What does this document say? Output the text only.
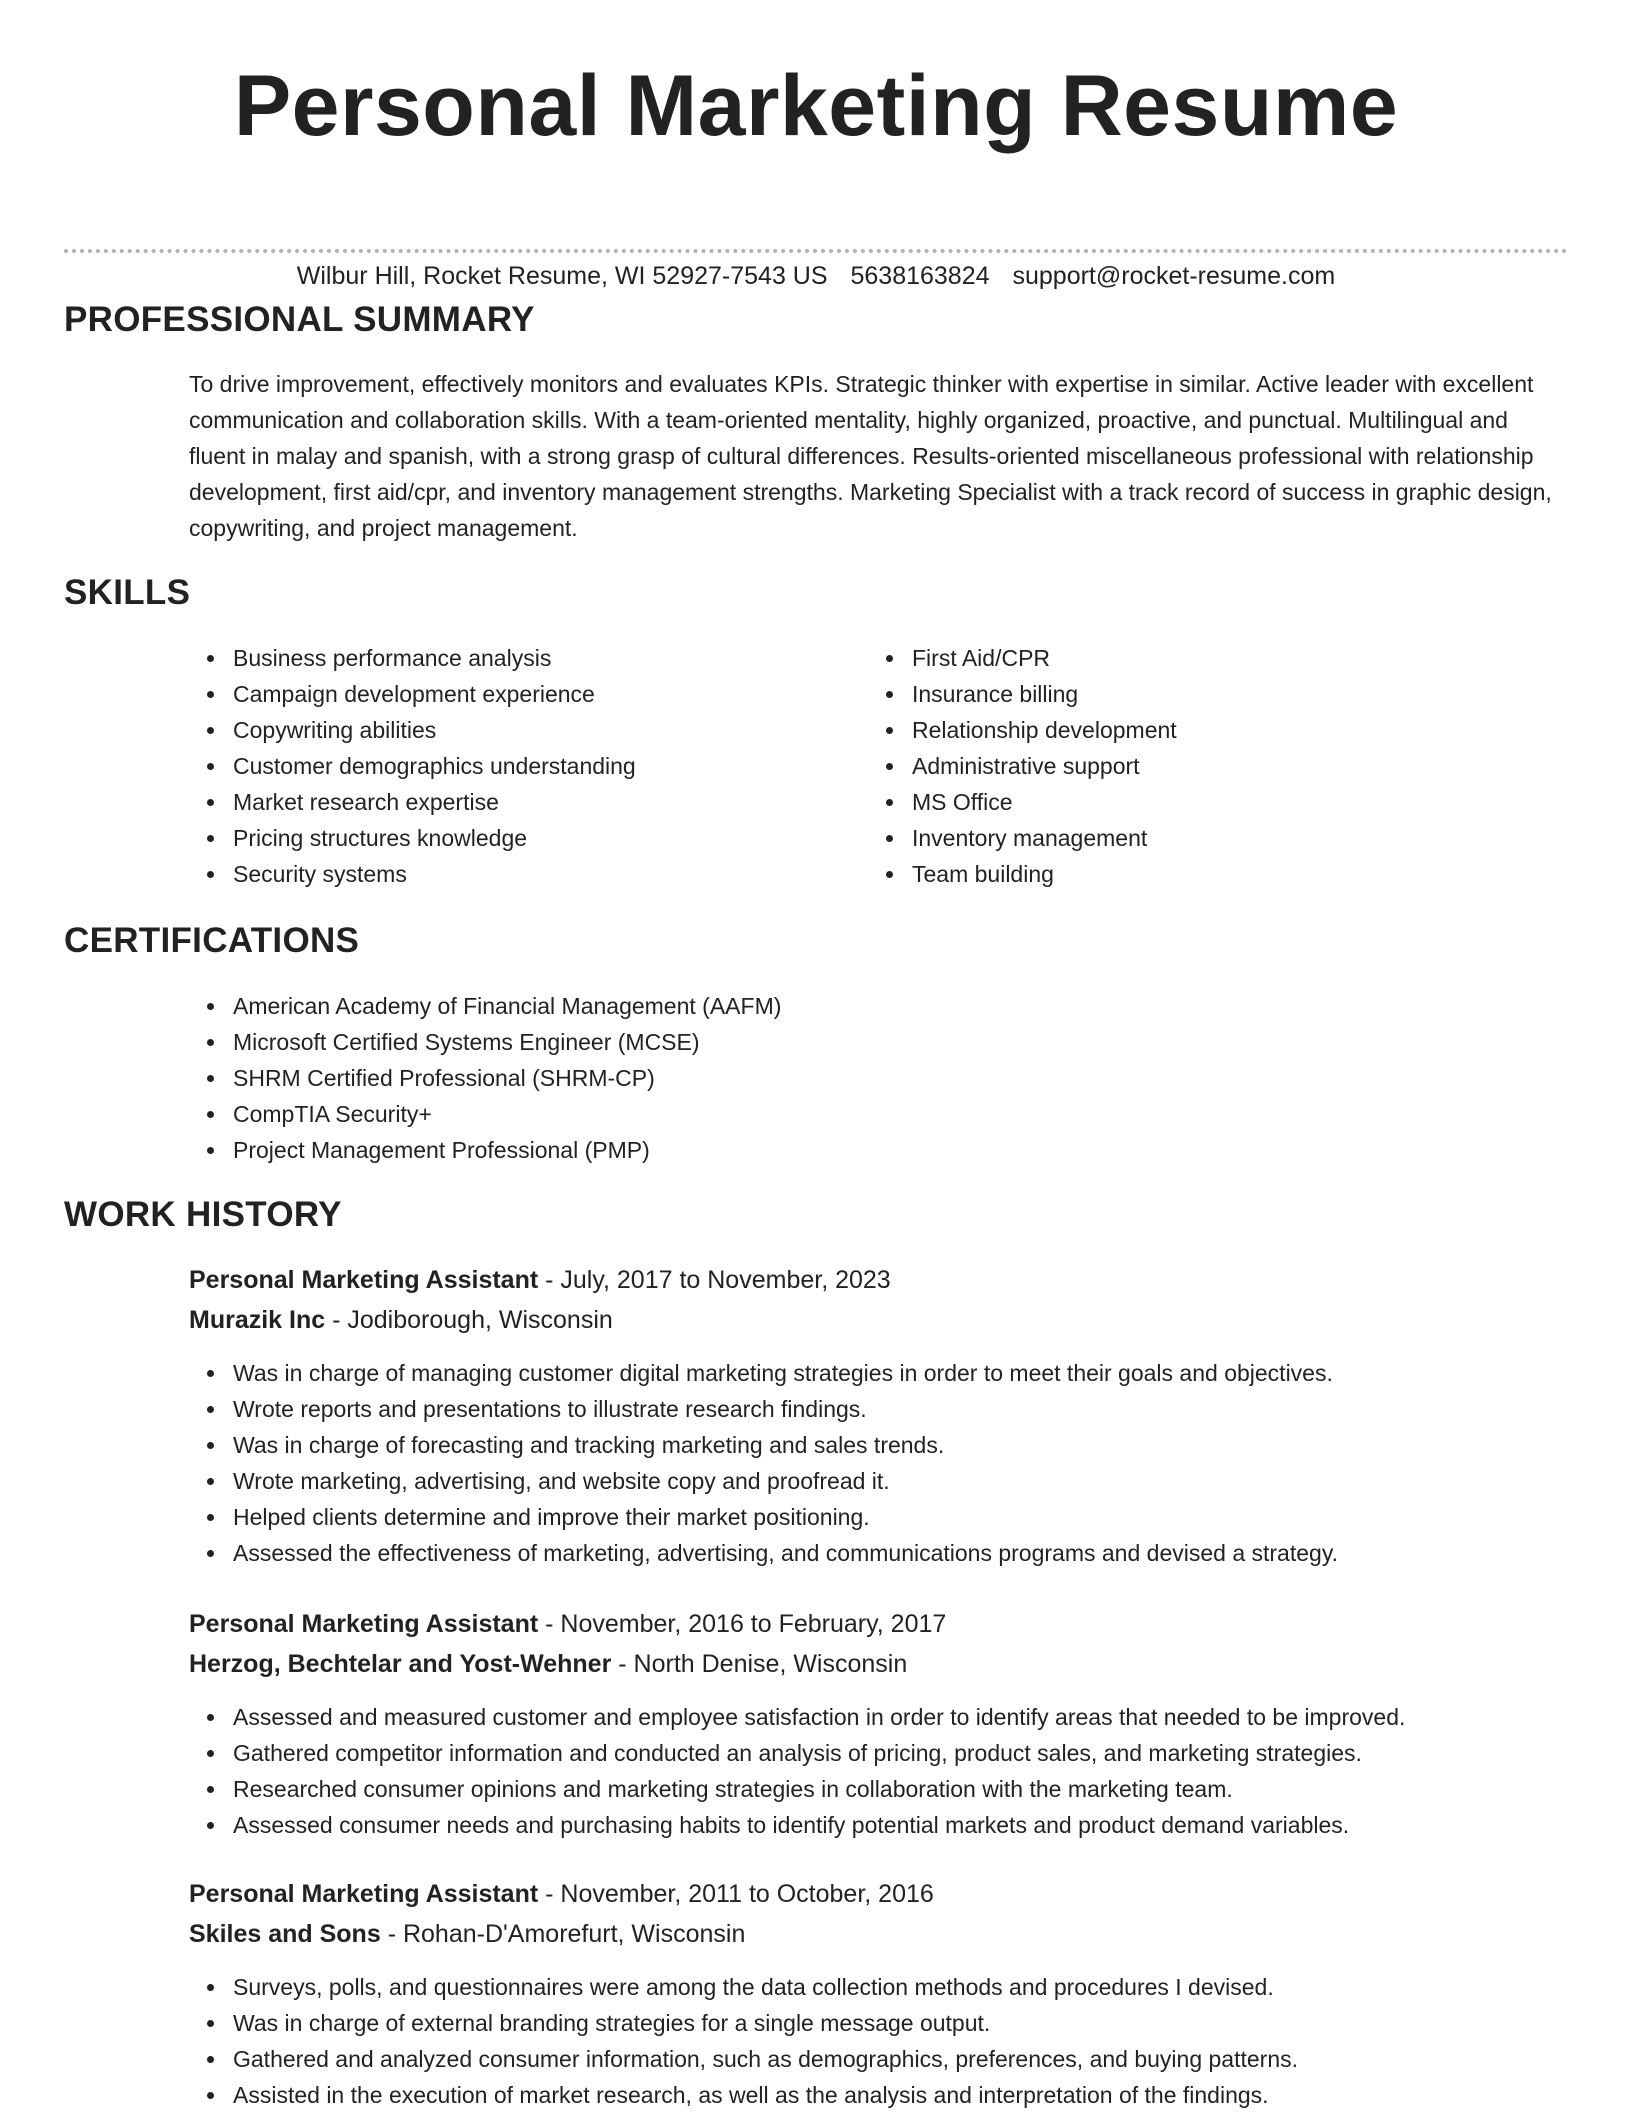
Personal Marketing Resume
Wilbur Hill, Rocket Resume, WI 52927-7543 US 5638163824 support@rocket-resume.com
PROFESSIONAL SUMMARY

To drive improvement, effectively monitors and evaluates KPIs. Strategic thinker with expertise in similar. Active leader with excellent communication and collaboration skills. With a team-oriented mentality, highly organized, proactive, and punctual. Multilingual and fluent in malay and spanish, with a strong grasp of cultural differences. Results-oriented miscellaneous professional with relationship development, first aid/cpr, and inventory management strengths. Marketing Specialist with a track record of success in graphic design, copywriting, and project management.

SKILLS
Business performance analysis
Campaign development experience
Copywriting abilities
Customer demographics understanding
Market research expertise
Pricing structures knowledge
Security systems
First Aid/CPR
Insurance billing
Relationship development
Administrative support
MS Office
Inventory management
Team building
CERTIFICATIONS
American Academy of Financial Management (AAFM)
Microsoft Certified Systems Engineer (MCSE)
SHRM Certified Professional (SHRM-CP)
CompTIA Security+
Project Management Professional (PMP)
WORK HISTORY
Personal Marketing Assistant - July, 2017 to November, 2023
Murazik Inc - Jodiborough, Wisconsin
Was in charge of managing customer digital marketing strategies in order to meet their goals and objectives.
Wrote reports and presentations to illustrate research findings.
Was in charge of forecasting and tracking marketing and sales trends.
Wrote marketing, advertising, and website copy and proofread it.
Helped clients determine and improve their market positioning.
Assessed the effectiveness of marketing, advertising, and communications programs and devised a strategy.
Personal Marketing Assistant - November, 2016 to February, 2017
Herzog, Bechtelar and Yost-Wehner - North Denise, Wisconsin
Assessed and measured customer and employee satisfaction in order to identify areas that needed to be improved.
Gathered competitor information and conducted an analysis of pricing, product sales, and marketing strategies.
Researched consumer opinions and marketing strategies in collaboration with the marketing team.
Assessed consumer needs and purchasing habits to identify potential markets and product demand variables.
Personal Marketing Assistant - November, 2011 to October, 2016
Skiles and Sons - Rohan-D'Amorefurt, Wisconsin
Surveys, polls, and questionnaires were among the data collection methods and procedures I devised.
Was in charge of external branding strategies for a single message output.
Gathered and analyzed consumer information, such as demographics, preferences, and buying patterns.
Assisted in the execution of market research, as well as the analysis and interpretation of the findings.
